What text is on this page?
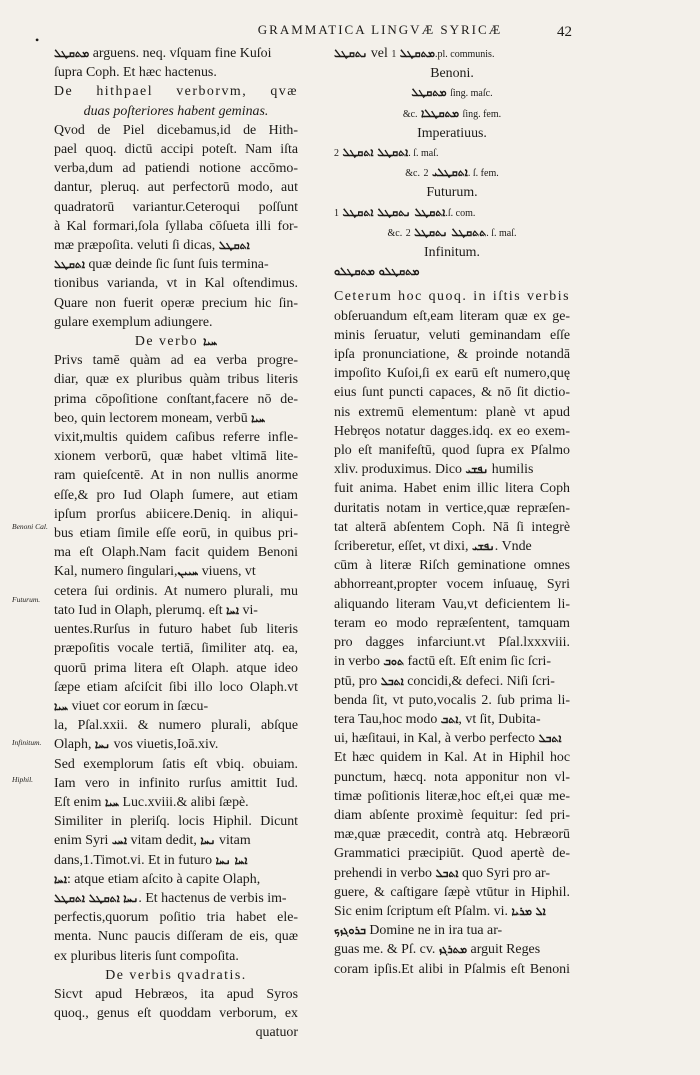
•
GRAMMATICA LINGVÆ SYRICÆ	42
Benoni Cal.
Futurum.
Infinitum.
Hiphil.
ܡܬܩܛܠ arguens. neq. vſquam fine Kuſoi
ſupra Coph. Et hæc hactenus.
De hithpael verborvm, qvæ
duas poſteriores habent geminas.
Qvod de Piel dicebamus,id de Hith-
pael quoq. dictū accipi poteſt. Nam iſta
verba,dum ad patiendi notione accōmo-
dantur, pleruq. aut perfectorū modo, aut
quadratorū variantur.Ceteroqui poſſunt
à Kal formari,ſola ſyllaba cōſueta illi for-
mæ præpoſita. veluti ſi dicas, ܐܬܩܛܠ
ܐܬܩܛܠ quæ deinde ſic ſunt ſuis termina-
tionibus varianda, vt in Kal oſtendimus.
Quare non fuerit operæ precium hic ſin-
gulare exemplum adiungere.
De verbo ܚܝܐ
Privs tamē quàm ad ea verba progre-
diar, quæ ex pluribus quàm tribus literis
prima cōpoſitione conſtant,facere nō de-
beo, quin lectorem moneam, verbū ܚܝܐ
vixit,multis quidem caſibus referre infle-
xionem verborū, quæ habet vltimā lite-
ram quieſcentē. At in non nullis anorme
eſſe,& pro Iud Olaph ſumere, aut etiam
ipſum prorſus abiicere.Deniq. in aliqui-
bus etiam ſimile eſſe eorū, in quibus pri-
ma eſt Olaph.Nam facit quidem Benoni
Kal, numero ſingulari,ܚܝܝܢ viuens, vt
cetera ſui ordinis. At numero plurali, mu
tato Iud in Olaph, plerumq. eſt ܐܚܐ vi-
uentes.Rurſus in futuro habet ſub literis
præpoſitis vocale tertiā, ſimiliter atq. ea,
quorū prima litera eſt Olaph. atque ideo
ſæpe etiam aſciſcit ſibi illo loco Olaph.vt
ܚܝܐ viuet cor eorum in ſæcu-
la, Pſal.xxii. & numero plurali, abſque
Olaph, ܢܚܐ vos viuetis,Ioā.xiv.
Sed exemplorum ſatis eſt vbiq. obuiam.
Iam vero in infinito rurſus amittit Iud.
Eſt enim ܚܝܐ Luc.xviii.& alibi ſæpè.
Similiter in pleriſq. locis Hiphil. Dicunt
enim Syri ܐܚܝ vitam dedit, ܢܚܐ vitam
dans,1.Timot.vi. Et in futuro ܐܚܐ ܢܚܐ
ܐܚܐ: atque etiam aſcito à capite Olaph,
ܢܚܐ ܐܬܩܛܠ ܐܬܩܛܠ . Et hactenus de verbis im-
perfectis,quorum poſitio tria habet ele-
menta. Nunc paucis diſſeram de eis, quæ
ex pluribus literis ſunt compoſita.
De verbis qvadratis.
Sicvt apud Hebræos, ita apud Syros
quoq., genus eſt quoddam verborum, ex
quatuor
ܢܬܩܛܠ vel ܡܬܩܛܠ 1.pl. communis.
Benoni.
ܡܬܩܛܠ ſing. maſc.
&c. ܡܬܩܛܠܐ ſing. fem.
Imperatiuus.
ܐܬܩܛܠ ܐܬܩܛܠ 2. ſ. maſ.
&c. ܐܬܩܛܠܝ 2. ſ. fem.
Futurum.
ܐܬܩܛܠ ܢܬܩܛܠ ܐܬܩܛܠ 1.ſ. com.
&c. ܬܬܩܛܠ ܢܬܩܛܠ 2. ſ. maſ.
Infinitum.
ܡܬܩܛܠܘ ܡܬܩܛܠܘ
Ceterum hoc quoq. in iſtis verbis
obſeruandum eſt,eam literam quæ ex ge-
minis ſeruatur, veluti geminandam eſſe
ipſa pronunciatione, & proinde notandā
impoſito Kuſoi,ſi ex earū eſt numero,quę
eius ſunt puncti capaces, & nō ſit dictio-
nis extremū elementum: planè vt apud
Hebręos notatur dagges.idq. ex eo exem-
plo eſt manifeſtū, quod ſupra ex Pſalmo
xliv. produximus. Dico ܢܦܫܝ humilis
fuit anima. Habet enim illic litera Coph
duritatis notam in vertice,quæ repræſen-
tat alterā abſentem Coph. Nā ſi integrè
ſcriberetur, eſſet, vt dixi, ܢܦܫܝ. Vnde
cūm à literæ Riſch geminatione omnes
abhorreant,propter vocem inſuauę, Syri
aliquando literam Vau,vt deficientem li-
teram eo modo repræſentent, tamquam
pro dagges infarciunt.vt Pſal.lxxxviii.
in verbo ܬܘܒ factū eſt. Eſt enim ſic ſcri-
ptū, pro ܐܬܒܠ concidi,& defeci. Niſi ſcri-
benda ſit, vt puto,vocalis 2. ſub prima li-
tera Tau,hoc modo ܐܬܒ, vt ſit, Dubita-
ui, hæſitaui, in Kal, à verbo perfecto ܐܬܒܠ
Et hæc quidem in Kal. At in Hiphil hoc
punctum, hæcq. nota apponitur non vl-
timæ poſitionis literæ,hoc eſt,ei quæ me-
diam abſente proximè ſequitur: ſed pri-
mæ,quæ præcedit, contrà atq. Hebræorū
Grammatici præcipiūt. Quod apertè de-
prehendi in verbo ܐܬܒܠ quo Syri pro ar-
guere, & caſtigare ſæpè vtūtur in Hiphil.
Sic enim ſcriptum eſt Pſalm. vi. ܐܠ ܡܪܝܐ
ܒܪܘܓܙܟ Domine ne in ira tua ar-
guas me. & Pſ. cv. ܡܬܪܓܙ arguit Reges
coram ipſis.Et alibi in Pſalmis eſt Benoni
